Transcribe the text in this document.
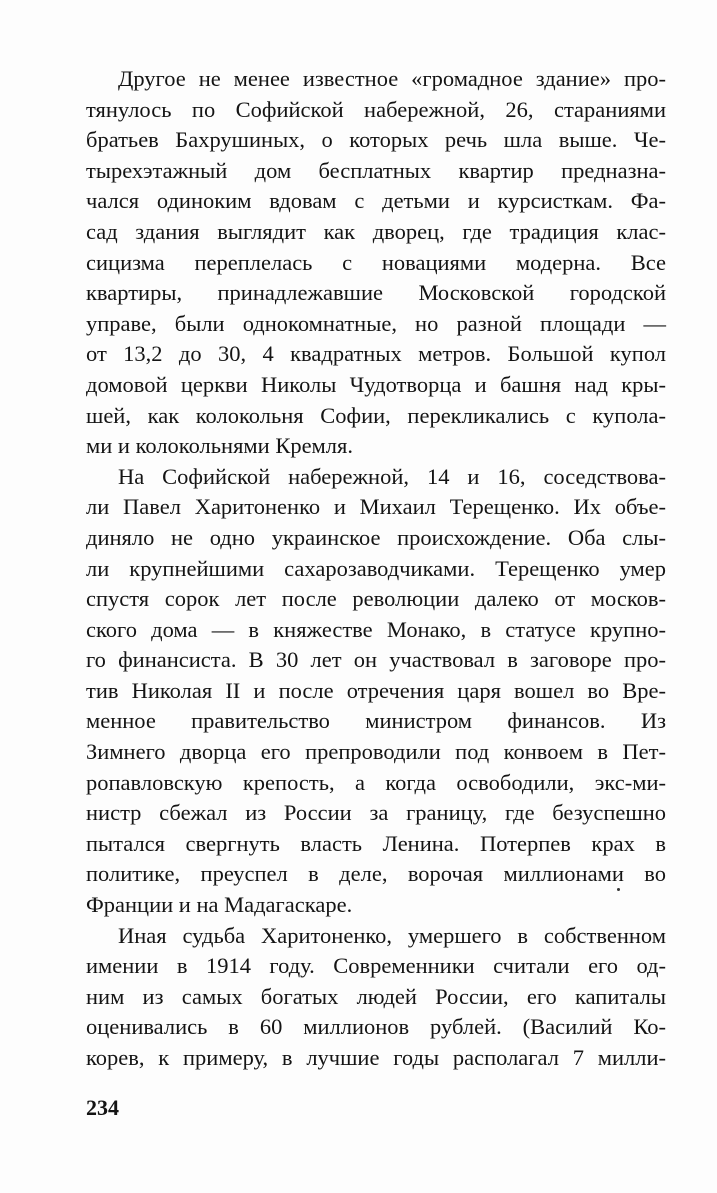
Другое не менее известное «громадное здание» про-
тянулось по Софийской набережной, 26, стараниями
братьев Бахрушиных, о которых речь шла выше. Че-
тырехэтажный дом бесплатных квартир предназна-
чался одиноким вдовам с детьми и курсисткам. Фа-
сад здания выглядит как дворец, где традиция клас-
сицизма переплелась с новациями модерна. Все
квартиры, принадлежавшие Московской городской
управе, были однокомнатные, но разной площади —
от 13,2 до 30, 4 квадратных метров. Большой купол
домовой церкви Николы Чудотворца и башня над кры-
шей, как колокольня Софии, перекликались с купола-
ми и колокольнями Кремля.
На Софийской набережной, 14 и 16, соседствова-
ли Павел Харитоненко и Михаил Терещенко. Их объе-
диняло не одно украинское происхождение. Оба слы-
ли крупнейшими сахарозаводчиками. Терещенко умер
спустя сорок лет после революции далеко от москов-
ского дома — в княжестве Монако, в статусе крупно-
го финансиста. В 30 лет он участвовал в заговоре про-
тив Николая II и после отречения царя вошел во Вре-
менное правительство министром финансов. Из
Зимнего дворца его препроводили под конвоем в Пет-
ропавловскую крепость, а когда освободили, экс-ми-
нистр сбежал из России за границу, где безуспешно
пытался свергнуть власть Ленина. Потерпев крах в
политике, преуспел в деле, ворочая миллионами во
Франции и на Мадагаскаре.
Иная судьба Харитоненко, умершего в собственном
имении в 1914 году. Современники считали его од-
ним из самых богатых людей России, его капиталы
оценивались в 60 миллионов рублей. (Василий Ко-
корев, к примеру, в лучшие годы располагал 7 милли-
234
